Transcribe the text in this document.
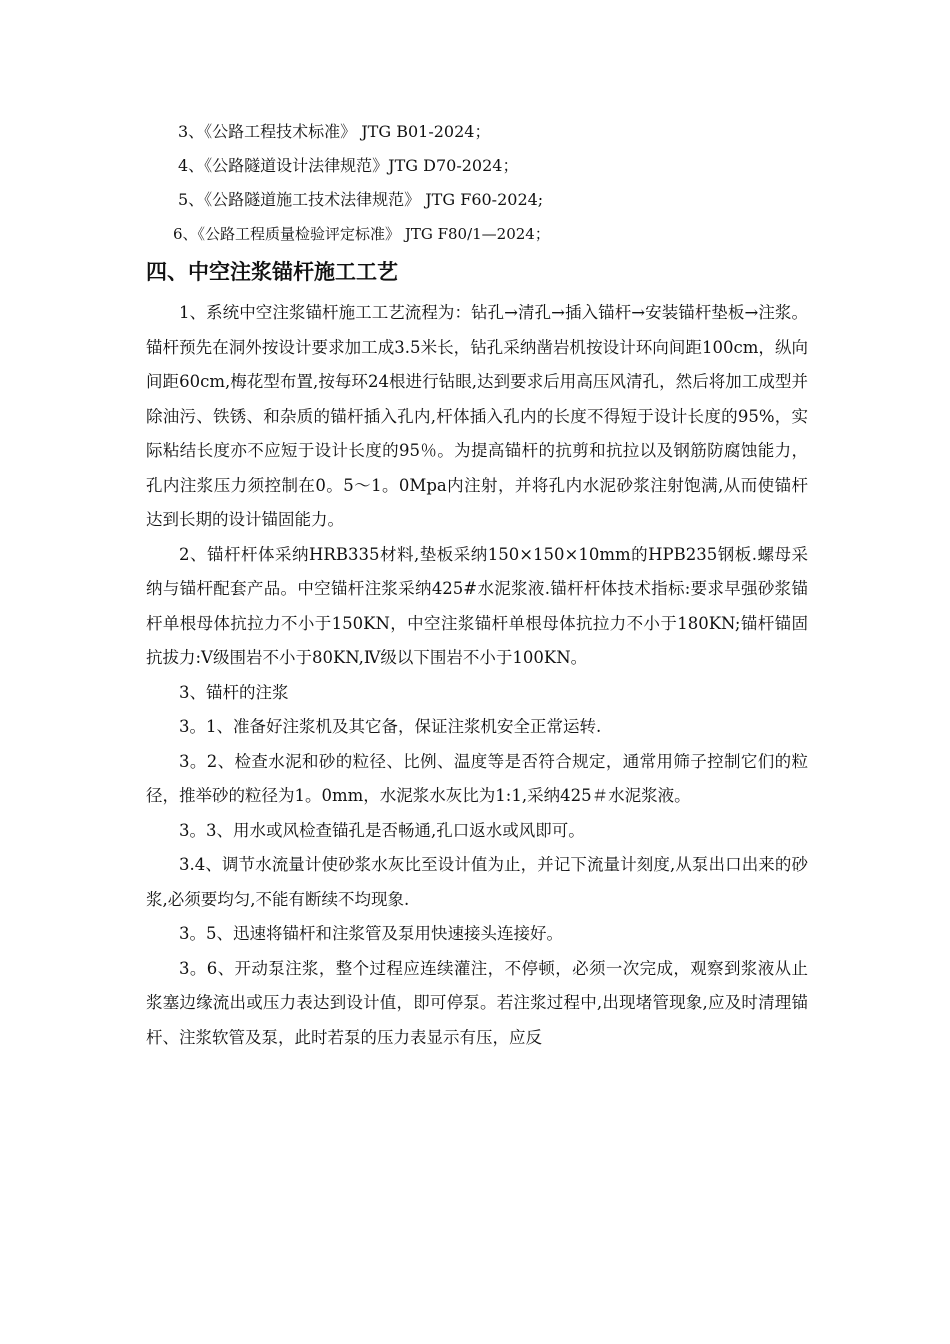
3、《公路工程技术标准》 JTG B01-2024；
4、《公路隧道设计法律规范》JTG D70-2024；
5、《公路隧道施工技术法律规范》 JTG F60-2024;
6、《公路工程质量检验评定标准》 JTG F80/1—2024；
四、中空注浆锚杆施工工艺

1、系统中空注浆锚杆施工工艺流程为：钻孔→清孔→插入锚杆→安装锚杆垫板→注浆。锚杆预先在洞外按设计要求加工成3.5米长，钻孔采纳凿岩机按设计环向间距100cm，纵向间距60cm,梅花型布置,按每环24根进行钻眼,达到要求后用高压风清孔，然后将加工成型并除油污、铁锈、和杂质的锚杆插入孔内,杆体插入孔内的长度不得短于设计长度的95%，实际粘结长度亦不应短于设计长度的95％。为提高锚杆的抗剪和抗拉以及钢筋防腐蚀能力，孔内注浆压力须控制在0。5～1。0Mpa内注射，并将孔内水泥砂浆注射饱满,从而使锚杆达到长期的设计锚固能力。

2、锚杆杆体采纳HRB335材料,垫板采纳150×150×10mm的HPB235钢板.螺母采纳与锚杆配套产品。中空锚杆注浆采纳425#水泥浆液.锚杆杆体技术指标:要求早强砂浆锚杆单根母体抗拉力不小于150KN，中空注浆锚杆单根母体抗拉力不小于180KN;锚杆锚固抗拔力:Ⅴ级围岩不小于80KN,Ⅳ级以下围岩不小于100KN。

3、锚杆的注浆

3。1、准备好注浆机及其它备，保证注浆机安全正常运转.

3。2、检查水泥和砂的粒径、比例、温度等是否符合规定，通常用筛子控制它们的粒径，推举砂的粒径为1。0mm，水泥浆水灰比为1:1,采纳425＃水泥浆液。

3。3、用水或风检查锚孔是否畅通,孔口返水或风即可。

3.4、调节水流量计使砂浆水灰比至设计值为止，并记下流量计刻度,从泵出口出来的砂浆,必须要均匀,不能有断续不均现象.

3。5、迅速将锚杆和注浆管及泵用快速接头连接好。

3。6、开动泵注浆，整个过程应连续灌注，不停顿，必须一次完成，观察到浆液从止浆塞边缘流出或压力表达到设计值，即可停泵。若注浆过程中,出现堵管现象,应及时清理锚杆、注浆软管及泵，此时若泵的压力表显示有压，应反
